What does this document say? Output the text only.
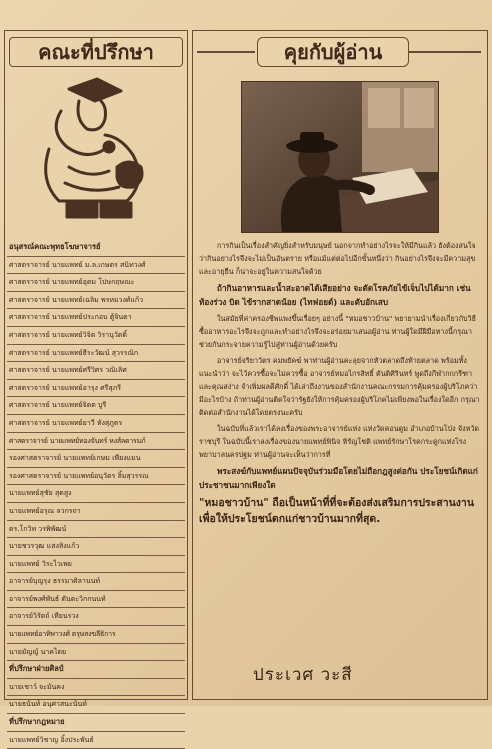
คณะที่ปรึกษา
อนุสรณ์คณะพุทธโฆษาจารย์
ศาสตราจารย์ นายแพทย์ ม.ล.เกษตร สนิทวงศ์
ศาสตราจารย์ นายแพทย์อุดม โปษกฤษณะ
ศาสตราจารย์ นายแพทย์เฉลิม พรหมวงศ์แก้ว
ศาสตราจารย์ นายแพทย์ประกอบ ตู้จินดา
ศาสตราจารย์ นายแพทย์วิจิต วิรานุวัตติ์
ศาสตราจารย์ นายแพทย์ธีระวัฒน์ สุวรรณิก
ศาสตราจารย์ นายแพทย์ศรีวิศร วณิเลิศ
ศาสตราจารย์ นายแพทย์อารุง ศรีสุภรี
ศาสตราจารย์ นายแพทย์จิตต บูรี
ศาสตราจารย์ นายแพทย์ยาวี หังสุภูตร
ศาสตราจารย์ นายแพทย์ทองจันทร์ หงส์ลดารมภ์
รองศาสตราจารย์ นายแพทย์เกษม เพียงแมน
รองศาสตราจารย์ นายแพทย์อนุวัตร ลิ้มสุวรรณ
นายแพทย์สุชัย สุดสูง
นายแพทย์อรุณ ลวกรถา
ดร.โกวิท วรพิพัฒน์
นายชวรวุฒ แสงสิงแก้ว
นายแพทย์ วิระไวเพย
อาจารย์บุญรุง ธรรมาศิลานนท์
อาจารย์พงศ์พันธ์ ตันตะวิกกนนท์
อาจารย์วิรัตถ์ เทียนรวง
นายแพทย์อาทิพาวงศ์ ตรุษสงขลีธิการ
นายมัญญ์ นาคไตย
ที่ปรึกษาฝ่ายศิลป์
นายเชาว์ จะมันคง
นายธนันท์ อนุศาสนะนันท์
ที่ปรึกษากฎหมาย
นายแพทย์วิชาญ อิ้งประพันธ์
คุยกับผู้อ่าน

การกินเป็นเรื่องสำคัญยิ่งสำหรับมนุษย์ นอกจากทำอย่างไรจะให้มีกินแล้ว ยังต้องสนใจว่ากินอย่างไรจึงจะไม่เป็นอันตราย หรือแม้แต่ต่อไปอีกขั้นหนึ่งว่า กินอย่างไรจึงจะมีความสุขและอายุยืน ก็น่าจะอยู่ในความสนใจด้วย

ถ้ากินอาหารและน้ำสะอาดได้เสียอย่าง จะตัดโรคภัยไข้เจ็บไปได้มาก เช่น ท้องร่วง บิด ไข้รากสาดน้อย (ไทฟอยด์) และตับอักเสบ

ในสมัยที่ค่าครองชีพแพงขึ้นเรื่อยๆ อย่างนี้ "หมอชาวบ้าน" พยายามนำเรื่องเกี่ยวกับวิธีซื้ออาหารอะไรจึงจะถูกและทำอย่างไรจึงจะอร่อยมาเสนอผู้อ่าน ท่านผู้ใดมีฝีมือทางนี้กรุณาช่วยกันกระจายความรู้ไปสู่ท่านผู้อ่านด้วยครับ

อาจารย์จริยาวัตร คมพยัคฆ์ พาท่านผู้อ่านคะลุยจากหัวตลาดถึงท้ายตลาด พร้อมทั้งแนะนำว่า จะไว้ควรซื้อจะไม่ควรซื้อ อาจารย์หมอไกรสิทธิ์ ตันติศิรินทร์ พูดถึงกีฬากกกรีฑา และคุณสง่าง จำเพิ่มผลดีศักดิ์ ได้เล่าถึงงานของสำนักงานคณะกรรมการคุ้มครองผู้บริโภคว่ามีอะไรบ้าง ถ้าท่านผู้อ่านติดใจว่ารัฐยังให้การคุ้มครองผู้บริโภคไม่เพียงพอในเรื่องใดอีก กรุณาติดต่อสำนักงานได้โดยตรงนะครับ

ในฉบับที่แล้วเราได้ลงเรื่องของพระอาจารย์แห่ง แห่งวัดคอนตูม อำเภอบ้านโป่ง จังหวัดราชบุรี ในฉบับนี้เราลงเรื่องของนายแพทย์พินิจ หิรัญโชติ แพทย์รักษาโรคกระดูกแห่งโรงพยาบาลนครปฐม ท่านผู้อ่านจะเห็นว่าการที่

พระสงฆ์กับแพทย์แผนปัจจุบันร่วมมือโดยไม่ถือกฎสูงต่อกัน ประโยชน์เกิดแก่ประชาชนมากเพียงใด

"หมอชาวบ้าน" ถือเป็นหน้าที่ที่จะต้องส่งเสริมการประสานงานเพื่อให้ประโยชน์ตกแก่ชาวบ้านมากที่สุด.

ประเวศ วะสี
